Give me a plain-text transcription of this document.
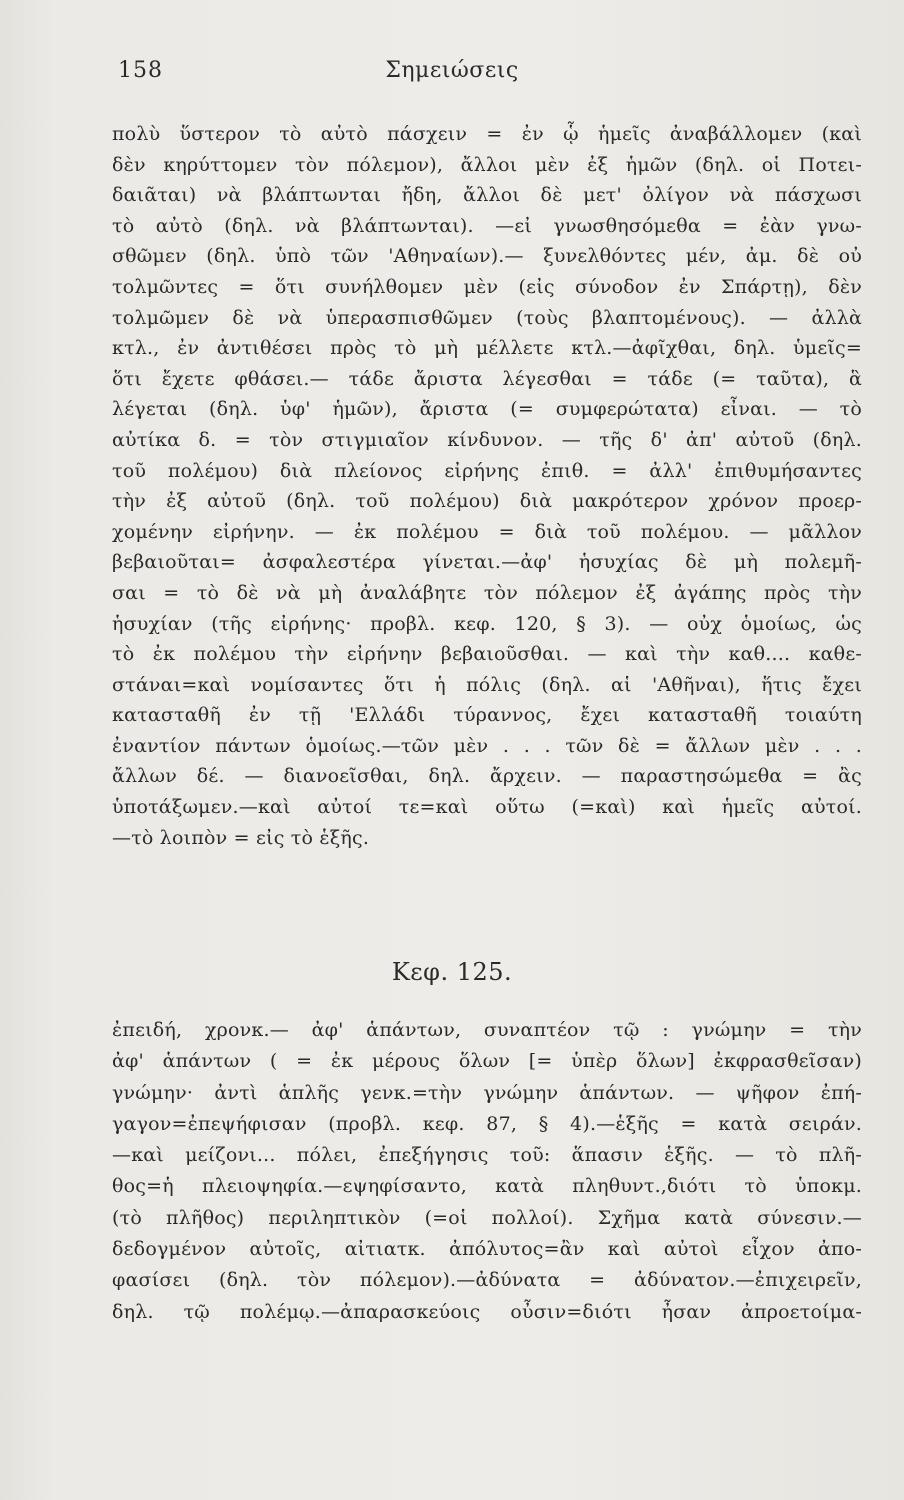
158	Σημειώσεις
πολὺ ὕστερον τὸ αὐτὸ πάσχειν = ἐν ᾧ ἡμεῖς ἀναβάλλομεν (καὶ
δὲν κηρύττομεν τὸν πόλεμον), ἄλλοι μὲν ἐξ ἡμῶν (δηλ. οἱ Ποτει-
δαιᾶται) νὰ βλάπτωνται ἤδη, ἄλλοι δὲ μετ' ὀλίγον νὰ πάσχωσι
τὸ αὐτὸ (δηλ. νὰ βλάπτωνται). —εἰ γνωσθησόμεθα = ἐὰν γνω-
σθῶμεν (δηλ. ὑπὸ τῶν 'Αθηναίων).— ξυνελθόντες μέν, ἀμ. δὲ οὐ
τολμῶντες = ὅτι συνήλθομεν μὲν (εἰς σύνοδον ἐν Σπάρτῃ), δὲν
τολμῶμεν δὲ νὰ ὑπερασπισθῶμεν (τοὺς βλαπτομένους). — ἀλλὰ
κτλ., ἐν ἀντιθέσει πρὸς τὸ μὴ μέλλετε κτλ.—ἀφῖχθαι, δηλ. ὑμεῖς=
ὅτι ἔχετε φθάσει.— τάδε ἄριστα λέγεσθαι = τάδε (= ταῦτα), ἃ
λέγεται (δηλ. ὑφ' ἡμῶν), ἄριστα (= συμφερώτατα) εἶναι. — τὸ
αὐτίκα δ. = τὸν στιγμιαῖον κίνδυνον. — τῆς δ' ἀπ' αὐτοῦ (δηλ.
τοῦ πολέμου) διὰ πλείονος εἰρήνης ἐπιθ. = ἀλλ' ἐπιθυμήσαντες
τὴν ἐξ αὐτοῦ (δηλ. τοῦ πολέμου) διὰ μακρότερον χρόνον προερ-
χομένην εἰρήνην. — ἐκ πολέμου = διὰ τοῦ πολέμου. — μᾶλλον
βεβαιοῦται= ἀσφαλεστέρα γίνεται.—ἀφ' ἡσυχίας δὲ μὴ πολεμῆ-
σαι = τὸ δὲ νὰ μὴ ἀναλάβητε τὸν πόλεμον ἐξ ἀγάπης πρὸς τὴν
ἡσυχίαν (τῆς εἰρήνης· προβλ. κεφ. 120, § 3). — οὐχ ὁμοίως, ὡς
τὸ ἐκ πολέμου τὴν εἰρήνην βεβαιοῦσθαι. — καὶ τὴν καθ.... καθε-
στάναι=καὶ νομίσαντες ὅτι ἡ πόλις (δηλ. αἱ 'Αθῆναι), ἥτις ἔχει
κατασταθῆ ἐν τῇ 'Ελλάδι τύραννος, ἔχει κατασταθῆ τοιαύτη
ἐναντίον πάντων ὁμοίως.—τῶν μὲν . . . τῶν δὲ = ἄλλων μὲν . . .
ἄλλων δέ. — διανοεῖσθαι, δηλ. ἄρχειν. — παραστησώμεθα = ἂς
ὑποτάξωμεν.—καὶ αὐτοί τε=καὶ οὕτω (=καὶ) καὶ ἡμεῖς αὐτοί.
—τὸ λοιπὸν = εἰς τὸ ἑξῆς.
Κεφ. 125.
ἐπειδή, χρονκ.— ἀφ' ἁπάντων, συναπτέον τῷ : γνώμην = τὴν
ἀφ' ἁπάντων ( = ἐκ μέρους ὅλων [= ὑπὲρ ὅλων] ἐκφρασθεῖσαν)
γνώμην· ἀντὶ ἁπλῆς γενκ.=τὴν γνώμην ἁπάντων. — ψῆφον ἐπή-
γαγον=ἐπεψήφισαν (προβλ. κεφ. 87, § 4).—ἑξῆς = κατὰ σειράν.
—καὶ μείζονι... πόλει, ἐπεξήγησις τοῦ: ἅπασιν ἑξῆς. — τὸ πλῆ-
θος=ἡ πλειοψηφία.—εψηφίσαντο, κατὰ πληθυντ.,διότι τὸ ὑποκμ.
(τὸ πλῆθος) περιληπτικὸν (=οἱ πολλοί). Σχῆμα κατὰ σύνεσιν.—
δεδογμένον αὐτοῖς, αἰτιατκ. ἀπόλυτος=ἂν καὶ αὐτοὶ εἶχον ἀπο-
φασίσει (δηλ. τὸν πόλεμον).—ἀδύνατα = ἀδύνατον.—ἐπιχειρεῖν,
δηλ. τῷ πολέμῳ.—ἀπαρασκεύοις οὖσιν=διότι ἦσαν ἀπροετοίμα-
